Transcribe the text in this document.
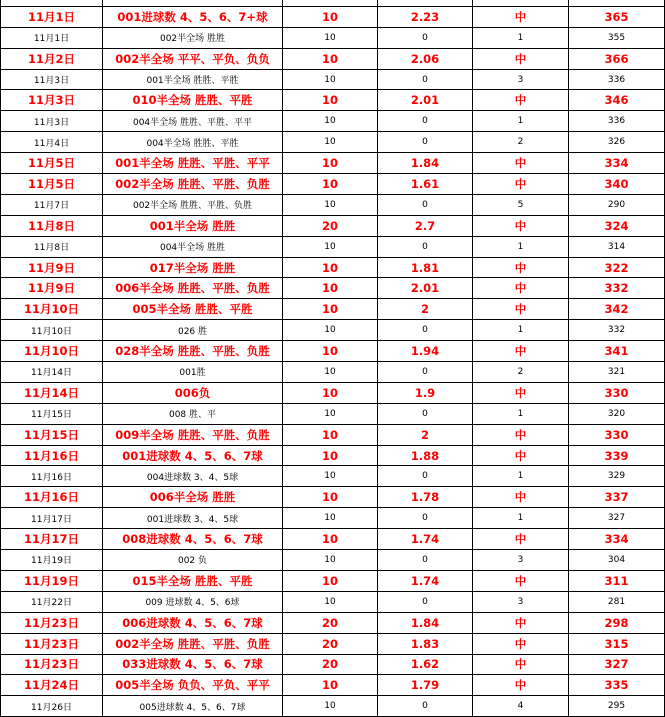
11月1日	001进球数 4、5、6、7+球	10	2.23	中	365
11月1日	002半全场 胜胜	10	0	1	355
11月2日	002半全场 平平、平负、负负	10	2.06	中	366
11月3日	001半全场 胜胜、平胜	10	0	3	336
11月3日	010半全场 胜胜、平胜	10	2.01	中	346
11月3日	004半全场 胜胜、平胜、平平	10	0	1	336
11月4日	004半全场 胜胜、平胜	10	0	2	326
11月5日	001半全场 胜胜、平胜、平平	10	1.84	中	334
11月5日	002半全场 胜胜、平胜、负胜	10	1.61	中	340
11月7日	002半全场 胜胜、平胜、负胜	10	0	5	290
11月8日	001半全场 胜胜	20	2.7	中	324
11月8日	004半全场 胜胜	10	0	1	314
11月9日	017半全场 胜胜	10	1.81	中	322
11月9日	006半全场 胜胜、平胜、负胜	10	2.01	中	332
11月10日	005半全场 胜胜、平胜	10	2	中	342
11月10日	026 胜	10	0	1	332
11月10日	028半全场 胜胜、平胜、负胜	10	1.94	中	341
11月14日	001胜	10	0	2	321
11月14日	006负	10	1.9	中	330
11月15日	008 胜、平	10	0	1	320
11月15日	009半全场 胜胜、平胜、负胜	10	2	中	330
11月16日	001进球数 4、5、6、7球	10	1.88	中	339
11月16日	004进球数 3、4、5球	10	0	1	329
11月16日	006半全场 胜胜	10	1.78	中	337
11月17日	001进球数 3、4、5球	10	0	1	327
11月17日	008进球数 4、5、6、7球	10	1.74	中	334
11月19日	002 负	10	0	3	304
11月19日	015半全场 胜胜、平胜	10	1.74	中	311
11月22日	009 进球数 4、5、6球	10	0	3	281
11月23日	006进球数 4、5、6、7球	20	1.84	中	298
11月23日	002半全场 胜胜、平胜、负胜	20	1.83	中	315
11月23日	033进球数 4、5、6、7球	20	1.62	中	327
11月24日	005半全场 负负、平负、平平	10	1.79	中	335
11月26日	005进球数 4、5、6、7球	10	0	4	295
